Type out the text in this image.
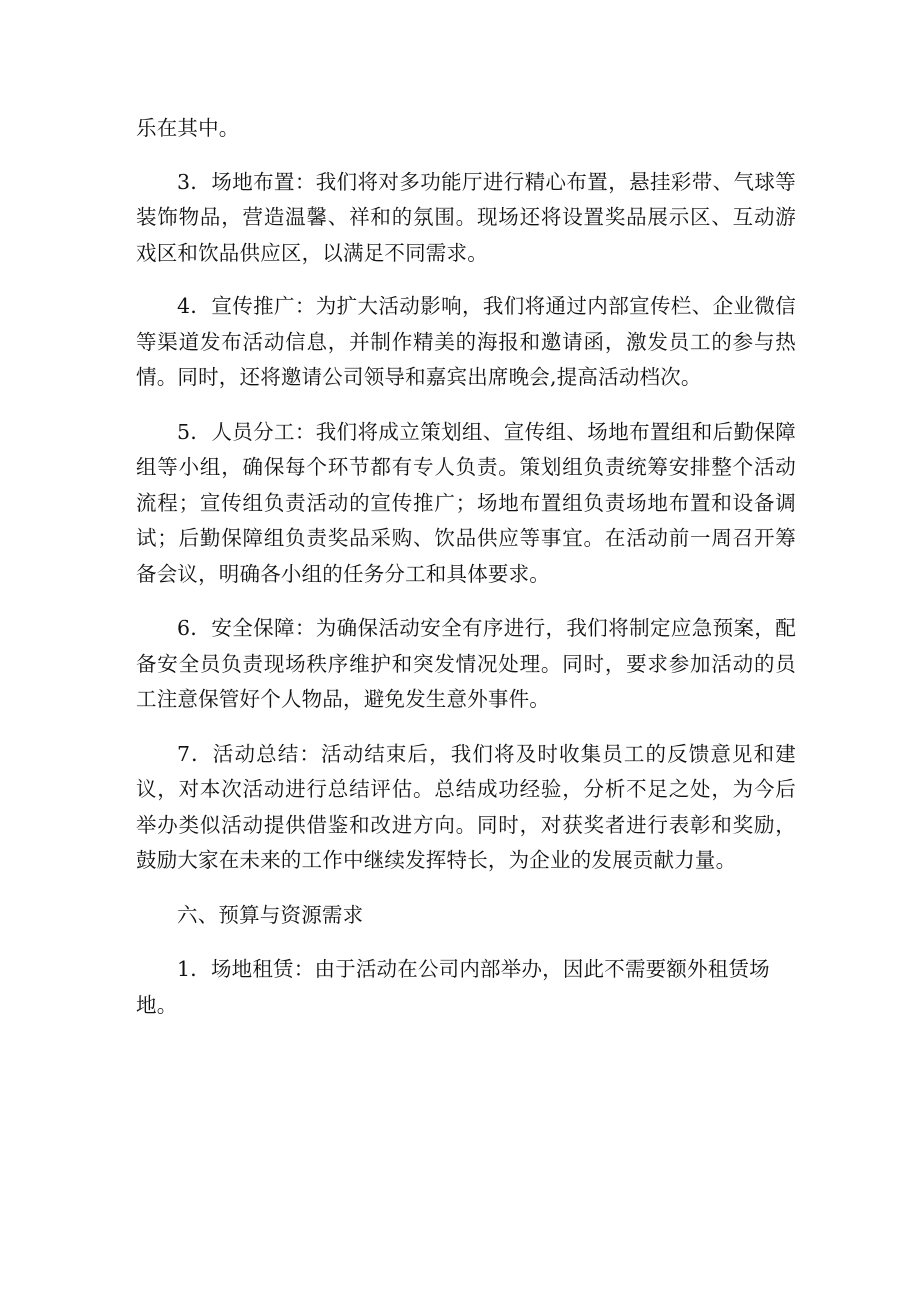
乐在其中。

3．场地布置：我们将对多功能厅进行精心布置，悬挂彩带、气球等装饰物品，营造温馨、祥和的氛围。现场还将设置奖品展示区、互动游戏区和饮品供应区，以满足不同需求。

4．宣传推广：为扩大活动影响，我们将通过内部宣传栏、企业微信等渠道发布活动信息，并制作精美的海报和邀请函，激发员工的参与热情。同时，还将邀请公司领导和嘉宾出席晚会,提高活动档次。

5．人员分工：我们将成立策划组、宣传组、场地布置组和后勤保障组等小组，确保每个环节都有专人负责。策划组负责统筹安排整个活动流程；宣传组负责活动的宣传推广；场地布置组负责场地布置和设备调试；后勤保障组负责奖品采购、饮品供应等事宜。在活动前一周召开筹备会议，明确各小组的任务分工和具体要求。

6．安全保障：为确保活动安全有序进行，我们将制定应急预案，配备安全员负责现场秩序维护和突发情况处理。同时，要求参加活动的员工注意保管好个人物品，避免发生意外事件。

7．活动总结：活动结束后，我们将及时收集员工的反馈意见和建议，对本次活动进行总结评估。总结成功经验，分析不足之处，为今后举办类似活动提供借鉴和改进方向。同时，对获奖者进行表彰和奖励，鼓励大家在未来的工作中继续发挥特长，为企业的发展贡献力量。

六、预算与资源需求

1．场地租赁：由于活动在公司内部举办，因此不需要额外租赁场地。
